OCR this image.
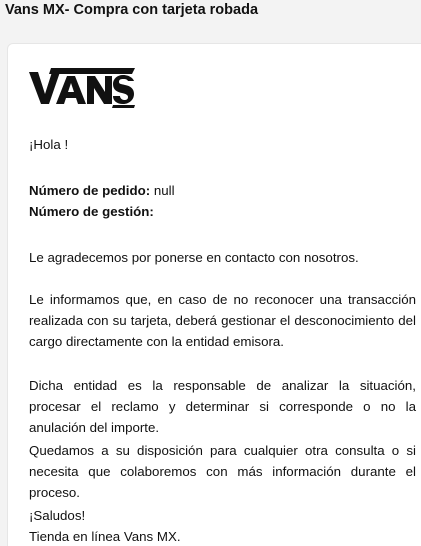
Vans MX- Compra con tarjeta robada
¡Hola !
Número de pedido: null
Número de gestión:
Le agradecemos por ponerse en contacto con nosotros.
Le informamos que, en caso de no reconocer una transacción realizada con su tarjeta, deberá gestionar el desconocimiento del cargo directamente con la entidad emisora.
Dicha entidad es la responsable de analizar la situación, procesar el reclamo y determinar si corresponde o no la anulación del importe.
Quedamos a su disposición para cualquier otra consulta o si necesita que colaboremos con más información durante el proceso.
¡Saludos!
Tienda en línea Vans MX.
